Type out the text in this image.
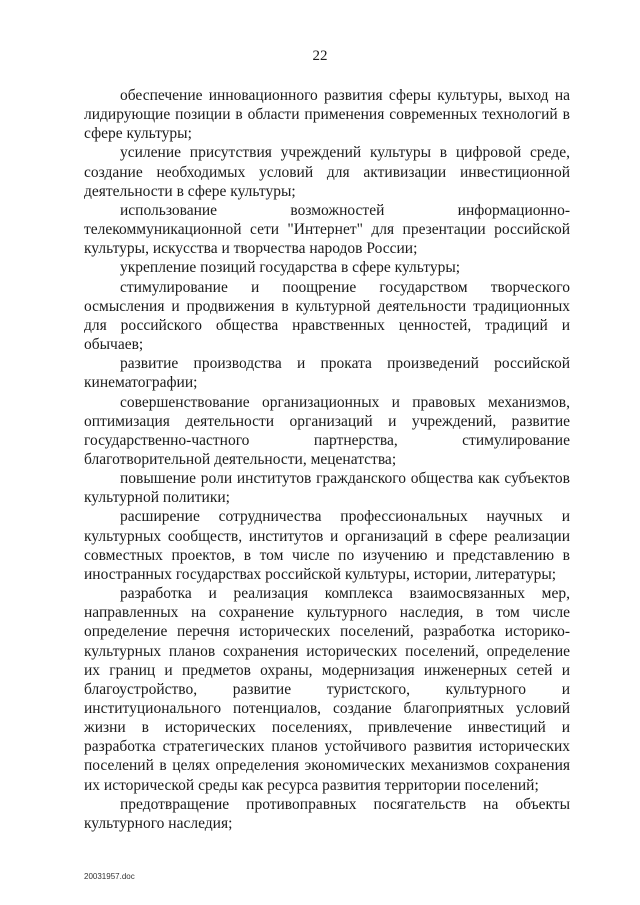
22

обеспечение инновационного развития сферы культуры, выход на лидирующие позиции в области применения современных технологий в сфере культуры;

усиление присутствия учреждений культуры в цифровой среде, создание необходимых условий для активизации инвестиционной деятельности в сфере культуры;

использование возможностей информационно-телекоммуникационной сети "Интернет" для презентации российской культуры, искусства и творчества народов России;

укрепление позиций государства в сфере культуры;

стимулирование и поощрение государством творческого осмысления и продвижения в культурной деятельности традиционных для российского общества нравственных ценностей, традиций и обычаев;

развитие производства и проката произведений российской кинематографии;

совершенствование организационных и правовых механизмов, оптимизация деятельности организаций и учреждений, развитие государственно-частного партнерства, стимулирование благотворительной деятельности, меценатства;

повышение роли институтов гражданского общества как субъектов культурной политики;

расширение сотрудничества профессиональных научных и культурных сообществ, институтов и организаций в сфере реализации совместных проектов, в том числе по изучению и представлению в иностранных государствах российской культуры, истории, литературы;

разработка и реализация комплекса взаимосвязанных мер, направленных на сохранение культурного наследия, в том числе определение перечня исторических поселений, разработка историко-культурных планов сохранения исторических поселений, определение их границ и предметов охраны, модернизация инженерных сетей и благоустройство, развитие туристского, культурного и институционального потенциалов, создание благоприятных условий жизни в исторических поселениях, привлечение инвестиций и разработка стратегических планов устойчивого развития исторических поселений в целях определения экономических механизмов сохранения их исторической среды как ресурса развития территории поселений;

предотвращение противоправных посягательств на объекты культурного наследия;

20031957.doc
